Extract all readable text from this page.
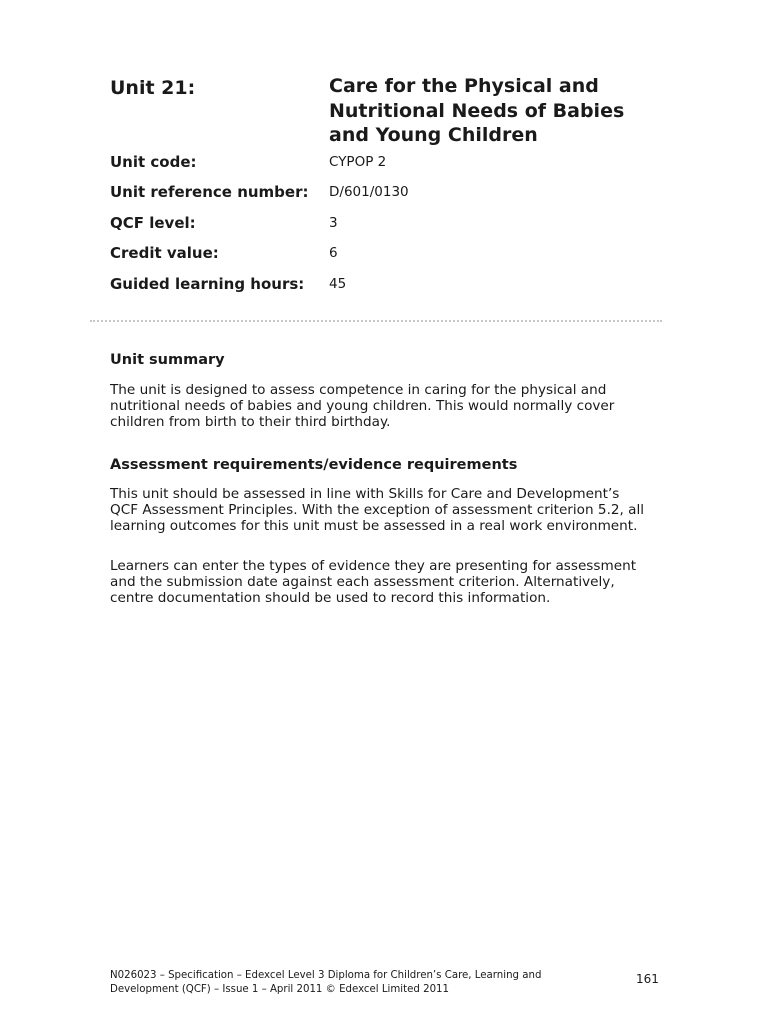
Unit 21:	Care for the Physical and Nutritional Needs of Babies and Young Children
Unit code:	CYPOP 2
Unit reference number: D/601/0130
QCF level:	3
Credit value:	6
Guided learning hours: 45
Unit summary

The unit is designed to assess competence in caring for the physical and nutritional needs of babies and young children. This would normally cover children from birth to their third birthday.

Assessment requirements/evidence requirements

This unit should be assessed in line with Skills for Care and Development’s QCF Assessment Principles. With the exception of assessment criterion 5.2, all learning outcomes for this unit must be assessed in a real work environment.

Learners can enter the types of evidence they are presenting for assessment and the submission date against each assessment criterion. Alternatively, centre documentation should be used to record this information.

N026023 – Specification – Edexcel Level 3 Diploma for Children’s Care, Learning and Development (QCF) – Issue 1 – April 2011 © Edexcel Limited 2011
161
